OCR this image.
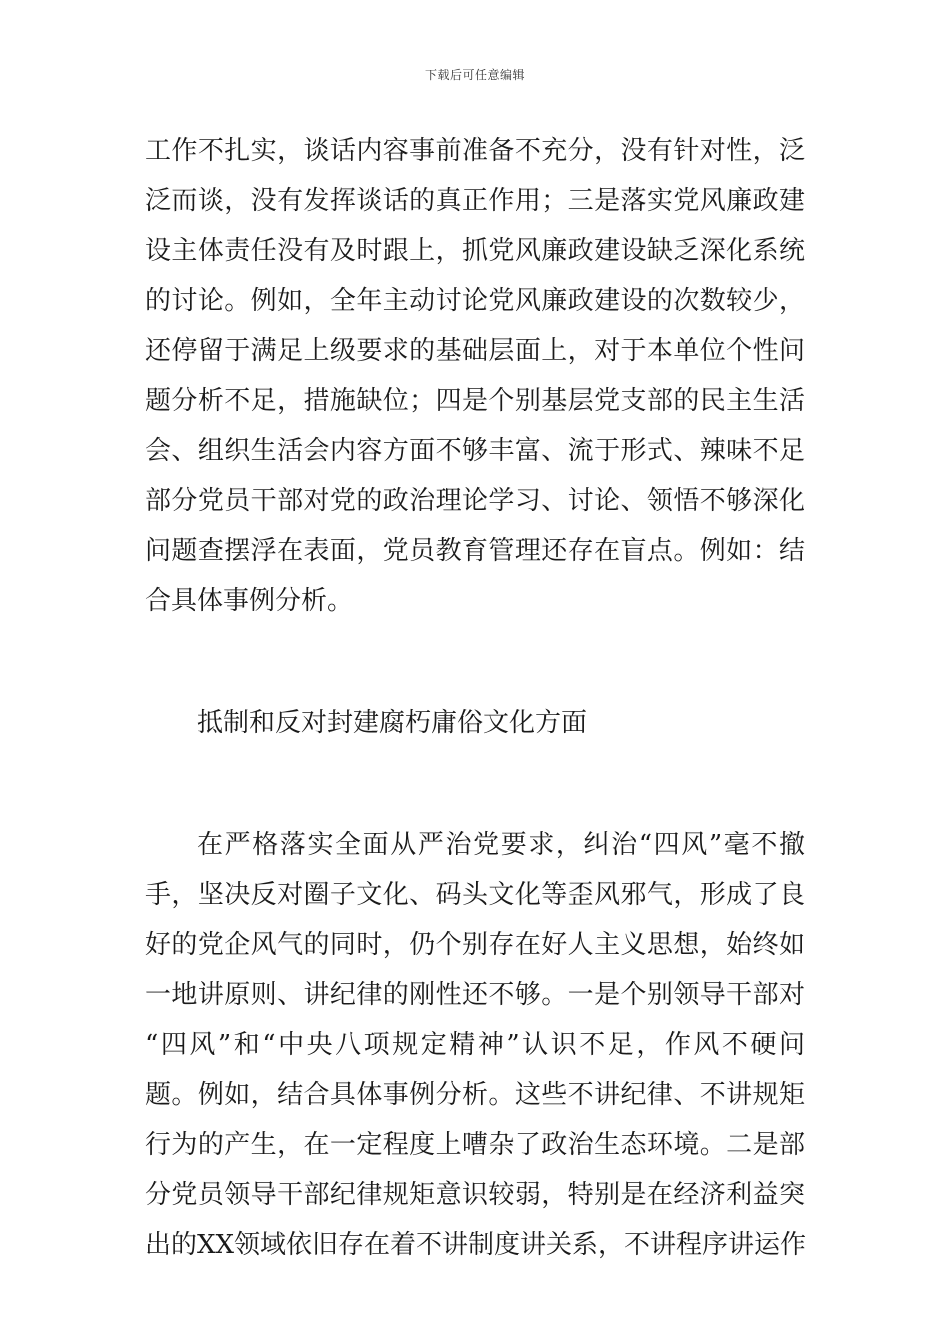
下载后可任意编辑
工作不扎实，谈话内容事前准备不充分，没有针对性，泛
泛而谈，没有发挥谈话的真正作用；三是落实党风廉政建
设主体责任没有及时跟上，抓党风廉政建设缺乏深化系统
的讨论。例如，全年主动讨论党风廉政建设的次数较少，
还停留于满足上级要求的基础层面上，对于本单位个性问
题分析不足，措施缺位；四是个别基层党支部的民主生活
会、组织生活会内容方面不够丰富、流于形式、辣味不足
部分党员干部对党的政治理论学习、讨论、领悟不够深化
问题查摆浮在表面，党员教育管理还存在盲点。例如：结
合具体事例分析。
抵制和反对封建腐朽庸俗文化方面
在严格落实全面从严治党要求，纠治“四风”毫不撤
手，坚决反对圈子文化、码头文化等歪风邪气，形成了良
好的党企风气的同时，仍个别存在好人主义思想，始终如
一地讲原则、讲纪律的刚性还不够。一是个别领导干部对
“四风”和“中央八项规定精神”认识不足，作风不硬问
题。例如，结合具体事例分析。这些不讲纪律、不讲规矩
行为的产生，在一定程度上嘈杂了政治生态环境。二是部
分党员领导干部纪律规矩意识较弱，特别是在经济利益突
出的XX领域依旧存在着不讲制度讲关系，不讲程序讲运作
